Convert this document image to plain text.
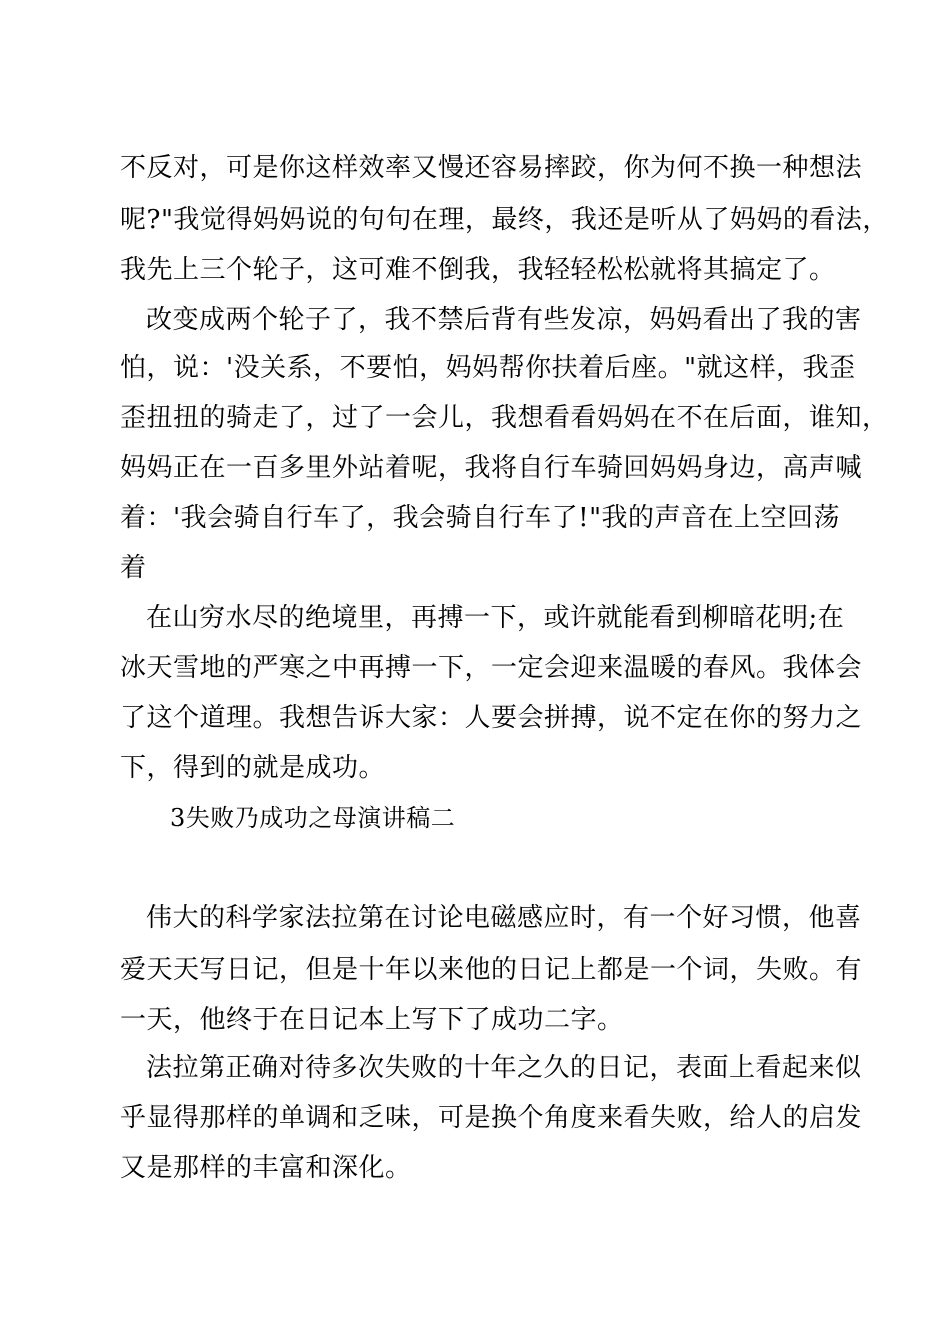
不反对，可是你这样效率又慢还容易摔跤，你为何不换一种想法
呢?"我觉得妈妈说的句句在理，最终，我还是听从了妈妈的看法，
我先上三个轮子，这可难不倒我，我轻轻松松就将其搞定了。
改变成两个轮子了，我不禁后背有些发凉，妈妈看出了我的害
怕，说：'没关系，不要怕，妈妈帮你扶着后座。"就这样，我歪
歪扭扭的骑走了，过了一会儿，我想看看妈妈在不在后面，谁知，
妈妈正在一百多里外站着呢，我将自行车骑回妈妈身边，高声喊
着：'我会骑自行车了，我会骑自行车了!"我的声音在上空回荡
着
在山穷水尽的绝境里，再搏一下，或许就能看到柳暗花明;在
冰天雪地的严寒之中再搏一下，一定会迎来温暖的春风。我体会
了这个道理。我想告诉大家：人要会拼搏，说不定在你的努力之
下，得到的就是成功。
3失败乃成功之母演讲稿二
伟大的科学家法拉第在讨论电磁感应时，有一个好习惯，他喜
爱天天写日记，但是十年以来他的日记上都是一个词，失败。有
一天，他终于在日记本上写下了成功二字。
法拉第正确对待多次失败的十年之久的日记，表面上看起来似
乎显得那样的单调和乏味，可是换个角度来看失败，给人的启发
又是那样的丰富和深化。
